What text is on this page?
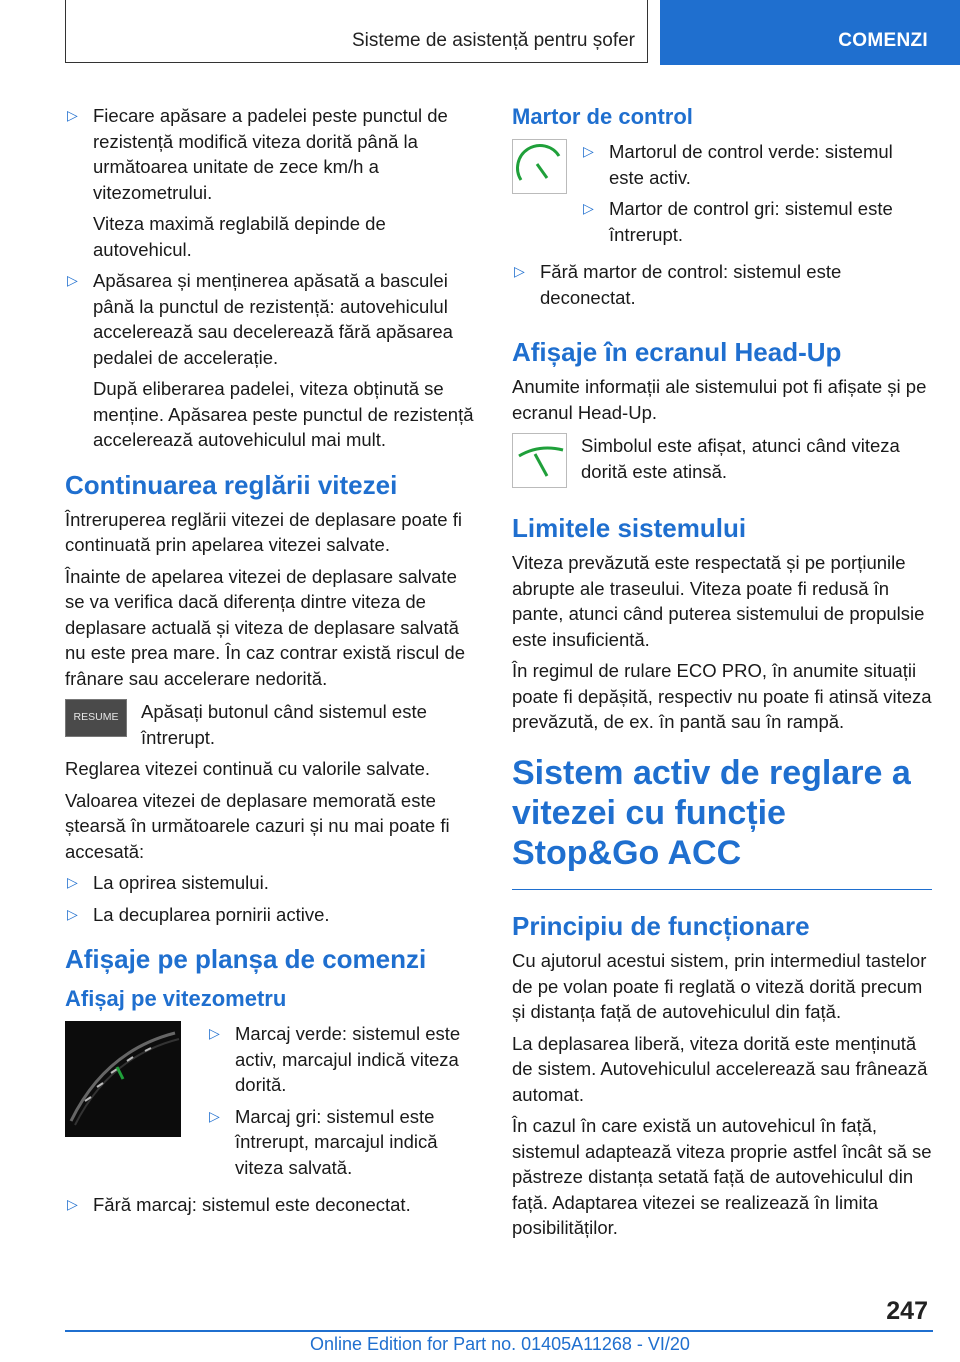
Sisteme de asistență pentru șofer	COMENZI
▷ Fiecare apăsare a padelei peste punctul de rezistență modifică viteza dorită până la următoarea unitate de zece km/h a vitezometrului.

Viteza maximă reglabilă depinde de autovehicul.

▷ Apăsarea și menținerea apăsată a basculei până la punctul de rezistență: autovehiculul accelerează sau decelerează fără apăsarea pedalei de accelerație.

După eliberarea padelei, viteza obținută se menține. Apăsarea peste punctul de rezistență accelerează autovehiculul mai mult.

Continuarea reglării vitezei

Întreruperea reglării vitezei de deplasare poate fi continuată prin apelarea vitezei salvate.

Înainte de apelarea vitezei de deplasare salvate se va verifica dacă diferența dintre viteza de deplasare actuală și viteza de deplasare salvată nu este prea mare. În caz contrar există riscul de frânare sau accelerare nedorită.

RESUME Apăsați butonul când sistemul este întrerupt.

Reglarea vitezei continuă cu valorile salvate.

Valoarea vitezei de deplasare memorată este ștearsă în următoarele cazuri și nu mai poate fi accesată:

▷ La oprirea sistemului.
▷ La decuplarea pornirii active.
Afișaje pe planșa de comenzi
Afișaj pe vitezometru
▷ Marcaj verde: sistemul este activ, marcajul indică viteza dorită.
▷ Marcaj gri: sistemul este întrerupt, marcajul indică viteza salvată.
▷ Fără marcaj: sistemul este deconectat.
Martor de control
▷ Martorul de control verde: sistemul este activ.
▷ Martor de control gri: sistemul este întrerupt.
▷ Fără martor de control: sistemul este deconectat.
Afișaje în ecranul Head-Up

Anumite informații ale sistemului pot fi afișate și pe ecranul Head-Up.

Simbolul este afișat, atunci când viteza dorită este atinsă.
Limitele sistemului

Viteza prevăzută este respectată și pe porțiunile abrupte ale traseului. Viteza poate fi redusă în pante, atunci când puterea sistemului de propulsie este insuficientă.

În regimul de rulare ECO PRO, în anumite situații poate fi depășită, respectiv nu poate fi atinsă viteza prevăzută, de ex. în pantă sau în rampă.

Sistem activ de reglare a vitezei cu funcție Stop&Go ACC
Principiu de funcționare

Cu ajutorul acestui sistem, prin intermediul tastelor de pe volan poate fi reglată o viteză dorită precum și distanța față de autovehiculul din față.

La deplasarea liberă, viteza dorită este menținută de sistem. Autovehiculul accelerează sau frânează automat.

În cazul în care există un autovehicul în față, sistemul adaptează viteza proprie astfel încât să se păstreze distanța setată față de autovehiculul din față. Adaptarea vitezei se realizează în limita posibilităților.

247
Online Edition for Part no. 01405A11268 - VI/20
